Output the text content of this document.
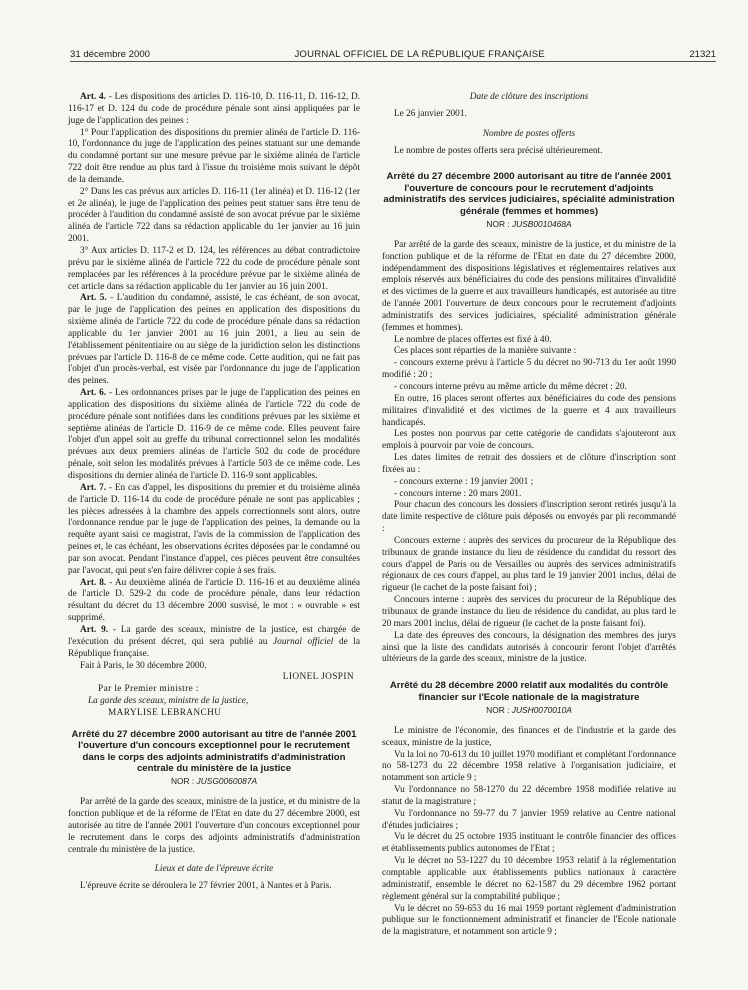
31 décembre 2000	JOURNAL OFFICIEL DE LA RÉPUBLIQUE FRANÇAISE	21321

Art. 4. - Les dispositions des articles D. 116-10, D. 116-11, D. 116-12, D. 116-17 et D. 124 du code de procédure pénale sont ainsi appliquées par le juge de l'application des peines :

1° Pour l'application des dispositions du premier alinéa de l'article D. 116-10, l'ordonnance du juge de l'application des peines statuant sur une demande du condamné portant sur une mesure prévue par le sixième alinéa de l'article 722 doit être rendue au plus tard à l'issue du troisième mois suivant le dépôt de la demande.

2° Dans les cas prévus aux articles D. 116-11 (1er alinéa) et D. 116-12 (1er et 2e alinéa), le juge de l'application des peines peut statuer sans être tenu de procéder à l'audition du condamné assisté de son avocat prévue par le sixième alinéa de l'article 722 dans sa rédaction applicable du 1er janvier au 16 juin 2001.

3° Aux articles D. 117-2 et D. 124, les références au débat contradictoire prévu par le sixième alinéa de l'article 722 du code de procédure pénale sont remplacées par les références à la procédure prévue par le sixième alinéa de cet article dans sa rédaction applicable du 1er janvier au 16 juin 2001.

Art. 5. - L'audition du condamné, assisté, le cas échéant, de son avocat, par le juge de l'application des peines en application des dispositions du sixième alinéa de l'article 722 du code de procédure pénale dans sa rédaction applicable du 1er janvier 2001 au 16 juin 2001, a lieu au sein de l'établissement pénitentiaire ou au siège de la juridiction selon les distinctions prévues par l'article D. 116-8 de ce même code. Cette audition, qui ne fait pas l'objet d'un procès-verbal, est visée par l'ordonnance du juge de l'application des peines.

Art. 6. - Les ordonnances prises par le juge de l'application des peines en application des dispositions du sixième alinéa de l'article 722 du code de procédure pénale sont notifiées dans les conditions prévues par les sixième et septième alinéas de l'article D. 116-9 de ce même code. Elles peuvent faire l'objet d'un appel soit au greffe du tribunal correctionnel selon les modalités prévues aux deux premiers alinéas de l'article 502 du code de procédure pénale, soit selon les modalités prévues à l'article 503 de ce même code. Les dispositions du dernier alinéa de l'article D. 116-9 sont applicables.

Art. 7. - En cas d'appel, les dispositions du premier et du troisième alinéa de l'article D. 116-14 du code de procédure pénale ne sont pas applicables ; les pièces adressées à la chambre des appels correctionnels sont alors, outre l'ordonnance rendue par le juge de l'application des peines, la demande ou la requête ayant saisi ce magistrat, l'avis de la commission de l'application des peines et, le cas échéant, les observations écrites déposées par le condamné ou par son avocat. Pendant l'instance d'appel, ces pièces peuvent être consultées par l'avocat, qui peut s'en faire délivrer copie à ses frais.

Art. 8. - Au deuxième alinéa de l'article D. 116-16 et au deuxième alinéa de l'article D. 529-2 du code de procédure pénale, dans leur rédaction résultant du décret du 13 décembre 2000 susvisé, le mot : « ouvrable » est supprimé.

Art. 9. - La garde des sceaux, ministre de la justice, est chargée de l'exécution du présent décret, qui sera publié au Journal officiel de la République française.

Fait à Paris, le 30 décembre 2000.

LIONEL JOSPIN

Par le Premier ministre :

La garde des sceaux, ministre de la justice,

MARYLISE LEBRANCHU

Arrêté du 27 décembre 2000 autorisant au titre de l'année 2001 l'ouverture d'un concours exceptionnel pour le recrutement dans le corps des adjoints administratifs d'administration centrale du ministère de la justice

NOR : JUSG0060087A

Par arrêté de la garde des sceaux, ministre de la justice, et du ministre de la fonction publique et de la réforme de l'Etat en date du 27 décembre 2000, est autorisée au titre de l'année 2001 l'ouverture d'un concours exceptionnel pour le recrutement dans le corps des adjoints administratifs d'administration centrale du ministère de la justice.

Lieux et date de l'épreuve écrite

L'épreuve écrite se déroulera le 27 février 2001, à Nantes et à Paris.

Date de clôture des inscriptions

Le 26 janvier 2001.

Nombre de postes offerts

Le nombre de postes offerts sera précisé ultérieurement.

Arrêté du 27 décembre 2000 autorisant au titre de l'année 2001 l'ouverture de concours pour le recrutement d'adjoints administratifs des services judiciaires, spécialité administration générale (femmes et hommes)

NOR : JUSB0010468A

Par arrêté de la garde des sceaux, ministre de la justice, et du ministre de la fonction publique et de la réforme de l'Etat en date du 27 décembre 2000, indépendamment des dispositions législatives et réglementaires relatives aux emplois réservés aux bénéficiaires du code des pensions militaires d'invalidité et des victimes de la guerre et aux travailleurs handicapés, est autorisée au titre de l'année 2001 l'ouverture de deux concours pour le recrutement d'adjoints administratifs des services judiciaires, spécialité administration générale (femmes et hommes).

Le nombre de places offertes est fixé à 40.

Ces places sont réparties de la manière suivante :

- concours externe prévu à l'article 5 du décret no 90-713 du 1er août 1990 modifié : 20 ;

- concours interne prévu au même article du même décret : 20.

En outre, 16 places seront offertes aux bénéficiaires du code des pensions militaires d'invalidité et des victimes de la guerre et 4 aux travailleurs handicapés.

Les postes non pourvus par cette catégorie de candidats s'ajouteront aux emplois à pourvoir par voie de concours.

Les dates limites de retrait des dossiers et de clôture d'inscription sont fixées au :

- concours externe : 19 janvier 2001 ;

- concours interne : 20 mars 2001.

Pour chacun des concours les dossiers d'inscription seront retirés jusqu'à la date limite respective de clôture puis déposés ou envoyés par pli recommandé :

Concours externe : auprès des services du procureur de la République des tribunaux de grande instance du lieu de résidence du candidat du ressort des cours d'appel de Paris ou de Versailles ou auprès des services administratifs régionaux de ces cours d'appel, au plus tard le 19 janvier 2001 inclus, délai de rigueur (le cachet de la poste faisant foi) ;

Concours interne : auprès des services du procureur de la République des tribunaux de grande instance du lieu de résidence du candidat, au plus tard le 20 mars 2001 inclus, délai de rigueur (le cachet de la poste faisant foi).

La date des épreuves des concours, la désignation des membres des jurys ainsi que la liste des candidats autorisés à concourir feront l'objet d'arrêtés ultérieurs de la garde des sceaux, ministre de la justice.

Arrêté du 28 décembre 2000 relatif aux modalités du contrôle financier sur l'Ecole nationale de la magistrature

NOR : JUSH0070010A

Le ministre de l'économie, des finances et de l'industrie et la garde des sceaux, ministre de la justice,

Vu la loi no 70-613 du 10 juillet 1970 modifiant et complétant l'ordonnance no 58-1273 du 22 décembre 1958 relative à l'organisation judiciaire, et notamment son article 9 ;

Vu l'ordonnance no 58-1270 du 22 décembre 1958 modifiée relative au statut de la magistrature ;

Vu l'ordonnance no 59-77 du 7 janvier 1959 relative au Centre national d'études judiciaires ;

Vu le décret du 25 octobre 1935 instituant le contrôle financier des offices et établissements publics autonomes de l'Etat ;

Vu le décret no 53-1227 du 10 décembre 1953 relatif à la réglementation comptable applicable aux établissements publics nationaux à caractère administratif, ensemble le décret no 62-1587 du 29 décembre 1962 portant règlement général sur la comptabilité publique ;

Vu le décret no 59-653 du 16 mai 1959 portant règlement d'administration publique sur le fonctionnement administratif et financier de l'Ecole nationale de la magistrature, et notamment son article 9 ;
